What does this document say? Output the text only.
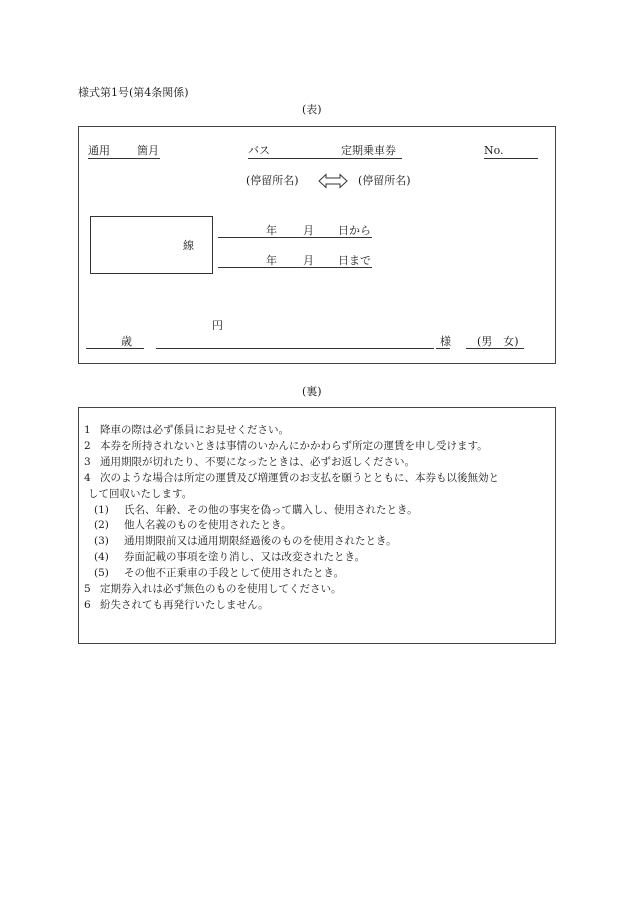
様式第1号(第4条関係)
(表)
通用 箇月	バス	定期乗車券	No.
(停留所名)	(停留所名)
線
年 月 日から
年 月 日まで
円
歳	様 (男　女)
(裏)
1 降車の際は必ず係員にお見せください。
2 本券を所持されないときは事情のいかんにかかわらず所定の運賃を申し受けます。
3 通用期限が切れたり、不要になったときは、必ずお返しください。
4 次のような場合は所定の運賃及び増運賃のお支払を願うとともに、本券も以後無効と
して回収いたします。
(1) 氏名、年齢、その他の事実を偽って購入し、使用されたとき。
(2) 他人名義のものを使用されたとき。
(3) 通用期限前又は通用期限経過後のものを使用されたとき。
(4) 券面記載の事項を塗り消し、又は改変されたとき。
(5) その他不正乗車の手段として使用されたとき。
5 定期券入れは必ず無色のものを使用してください。
6 紛失されても再発行いたしません。
